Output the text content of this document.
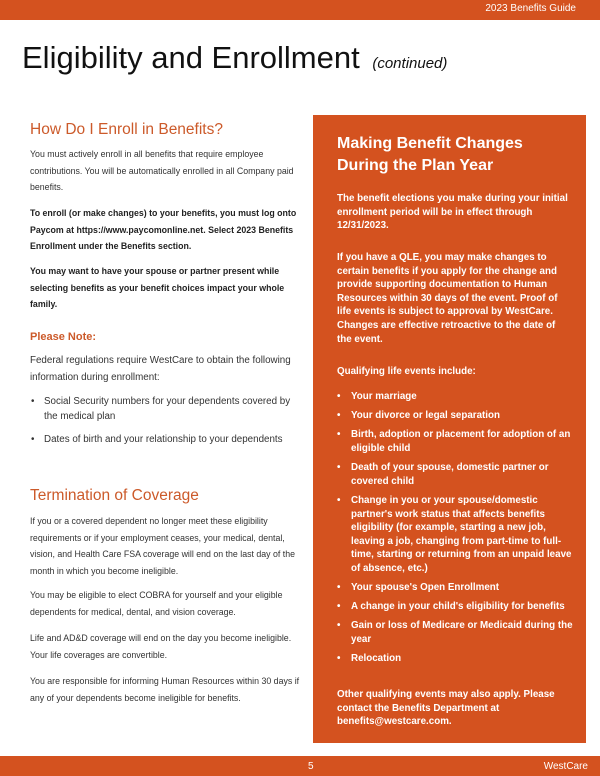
2023 Benefits Guide
Eligibility and Enrollment (continued)
How Do I Enroll in Benefits?

You must actively enroll in all benefits that require employee contributions. You will be automatically enrolled in all Company paid benefits.

To enroll (or make changes) to your benefits, you must log onto Paycom at https://www.paycomonline.net. Select 2023 Benefits Enrollment under the Benefits section.

You may want to have your spouse or partner present while selecting benefits as your benefit choices impact your whole family.

Please Note:

Federal regulations require WestCare to obtain the following information during enrollment:

• Social Security numbers for your dependents covered by the medical plan
• Dates of birth and your relationship to your dependents
Termination of Coverage

If you or a covered dependent no longer meet these eligibility requirements or if your employment ceases, your medical, dental, vision, and Health Care FSA coverage will end on the last day of the month in which you become ineligible.

You may be eligible to elect COBRA for yourself and your eligible dependents for medical, dental, and vision coverage.

Life and AD&D coverage will end on the day you become ineligible. Your life coverages are convertible.

You are responsible for informing Human Resources within 30 days if any of your dependents become ineligible for benefits.

Making Benefit Changes During the Plan Year

The benefit elections you make during your initial enrollment period will be in effect through 12/31/2023.

If you have a QLE, you may make changes to certain benefits if you apply for the change and provide supporting documentation to Human Resources within 30 days of the event. Proof of life events is subject to approval by WestCare. Changes are effective retroactive to the date of the event.

Qualifying life events include:

• Your marriage
• Your divorce or legal separation
• Birth, adoption or placement for adoption of an eligible child
• Death of your spouse, domestic partner or covered child
• Change in you or your spouse/domestic partner's work status that affects benefits eligibility (for example, starting a new job, leaving a job, changing from part-time to full-time, starting or returning from an unpaid leave of absence, etc.)
• Your spouse's Open Enrollment
• A change in your child's eligibility for benefits
• Gain or loss of Medicare or Medicaid during the year
• Relocation

Other qualifying events may also apply. Please contact the Benefits Department at benefits@westcare.com.

5	WestCare
